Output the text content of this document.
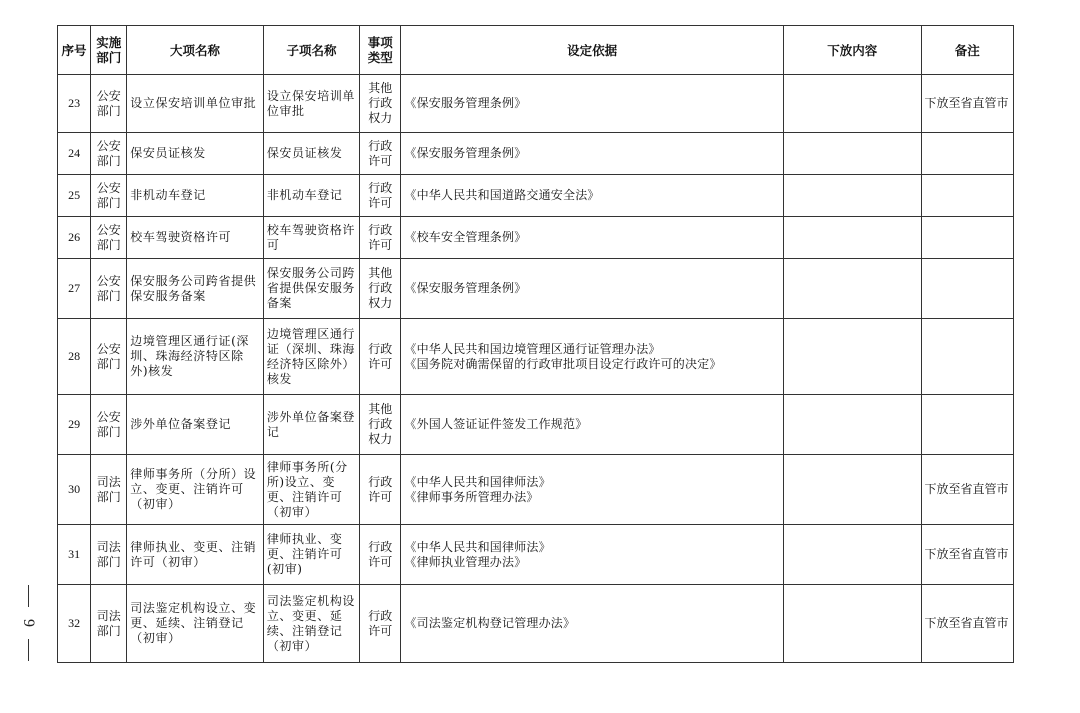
9
序号	实施部门	大项名称	子项名称	事项类型	设定依据	下放内容	备注
23	公安部门	设立保安培训单位审批	设立保安培训单位审批	其他行政权力	《保安服务管理条例》		下放至省直管市
24	公安部门	保安员证核发	保安员证核发	行政许可	《保安服务管理条例》		

25	公安部门	非机动车登记	非机动车登记	行政许可	《中华人民共和国道路交通安全法》		

26	公安部门	校车驾驶资格许可	校车驾驶资格许可	行政许可	《校车安全管理条例》		

27	公安部门	保安服务公司跨省提供保安服务备案	保安服务公司跨省提供保安服务备案	其他行政权力	《保安服务管理条例》		

28	公安部门	边境管理区通行证(深圳、珠海经济特区除外)核发	边境管理区通行证（深圳、珠海经济特区除外）核发	行政许可	《中华人民共和国边境管理区通行证管理办法》
《国务院对确需保留的行政审批项目设定行政许可的决定》		

29	公安部门	涉外单位备案登记	涉外单位备案登记	其他行政权力	《外国人签证证件签发工作规范》		

30	司法部门	律师事务所（分所）设立、变更、注销许可（初审）	律师事务所(分所)设立、变更、注销许可（初审）	行政许可	《中华人民共和国律师法》
《律师事务所管理办法》		下放至省直管市
31	司法部门	律师执业、变更、注销许可（初审）	律师执业、变更、注销许可(初审)	行政许可	《中华人民共和国律师法》
《律师执业管理办法》		下放至省直管市
32	司法部门	司法鉴定机构设立、变更、延续、注销登记（初审）	司法鉴定机构设立、变更、延续、注销登记（初审）	行政许可	《司法鉴定机构登记管理办法》		下放至省直管市
